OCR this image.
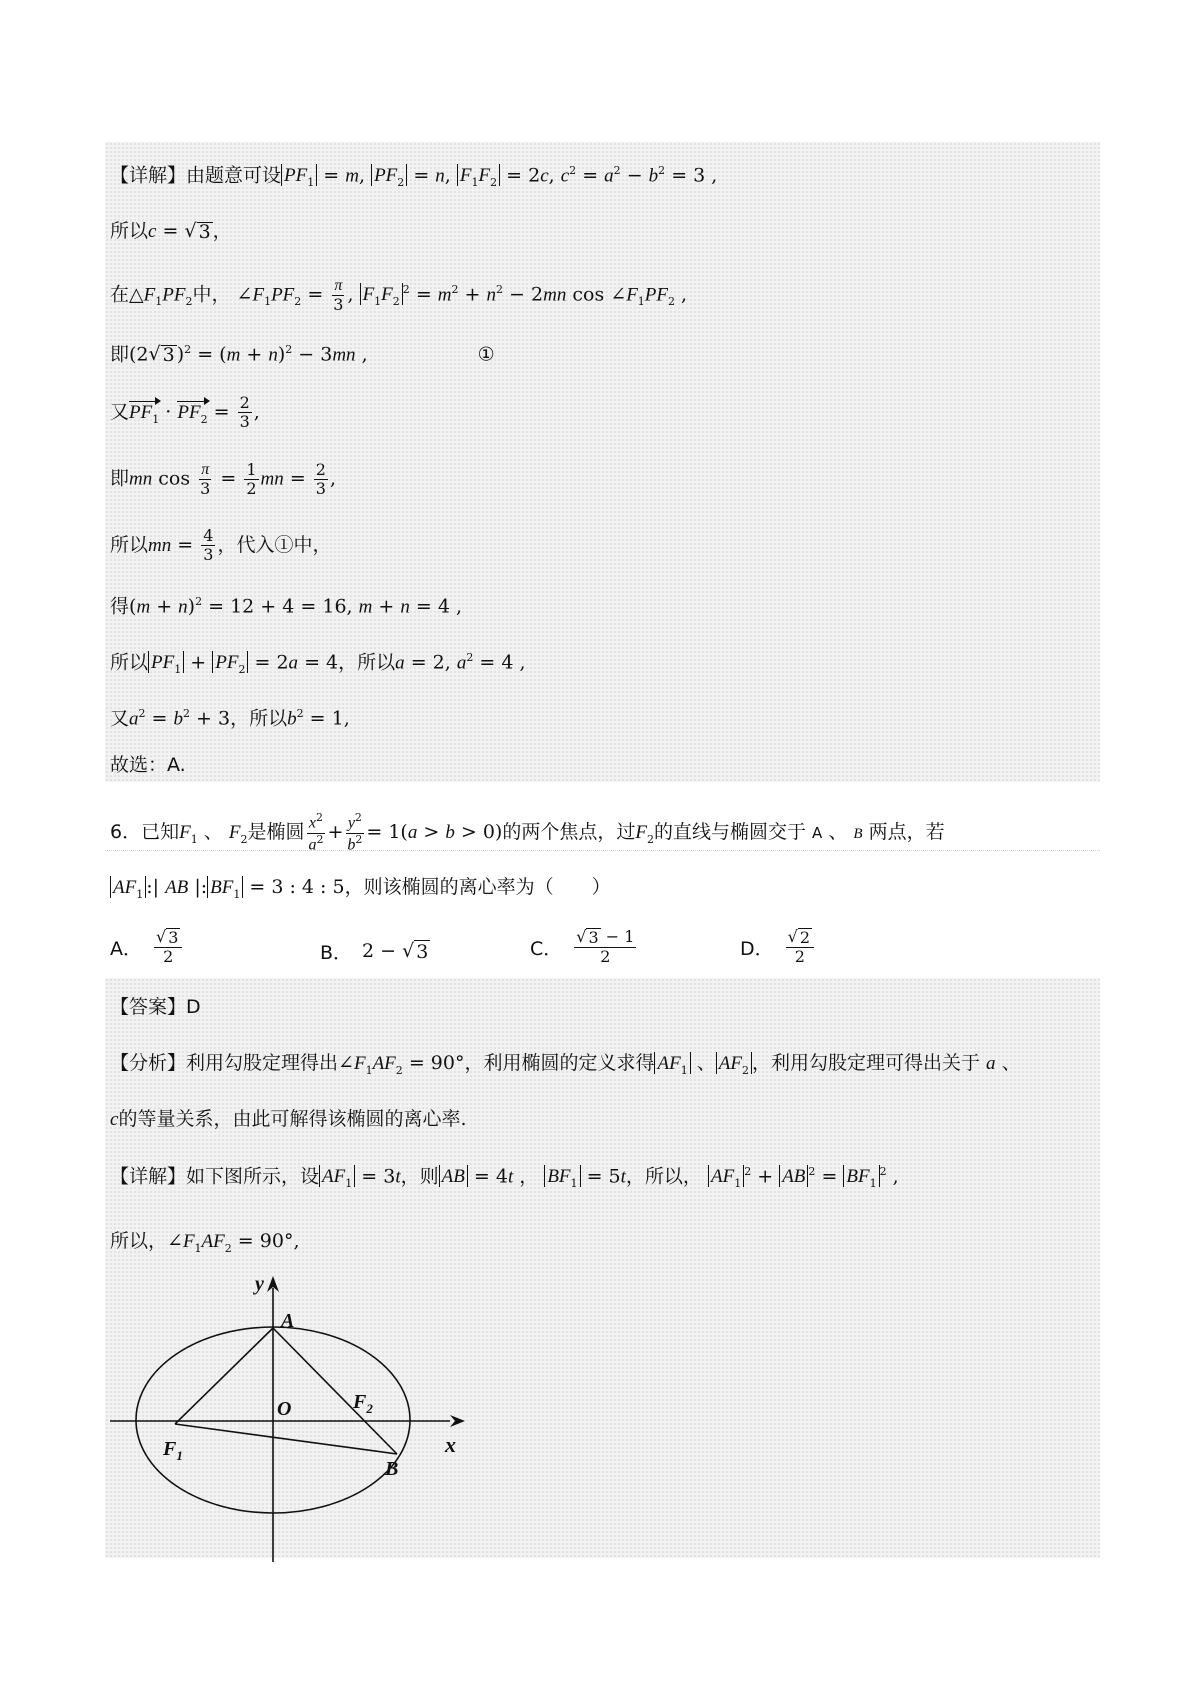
【详解】由题意可设 $PF_1 = m$, $PF_2 = n$, $F_1F_2 = 2c$, $c^2 = a^2 - b^2 = 3$ ,
所以c = √ 3 ，
在$\triangle F_1PF_2$中， $\angle F_1PF_2 = \frac{\pi}{3}$ , $F_1F_2^2 = m^2 + n^2 - 2mn$ $\cos \angle F_1PF_2$ ,
即(2√ 3 )$^2 = (m + n)^2 - 3mn$ ,	①
又$PF_1 \cdot PF_2 = \frac{2}{3}$ ,
即mn $\cos \frac{\pi}{3} = \frac{1}{2}$ mn = $\frac{2}{3}$ ,
所以mn = $\frac{4}{3}$ ，代入①中，
得$(m + n)^2 = 12 + 4 = 16$, m + n = 4 ,
所以 $PF_1 + PF_2 = 2a = 4$，所以a = 2, $a^2 = 4$ ,
又$a^2 = b^2 + 3$，所以$b^2 = 1$,
故选：A.
6．已知$F_1$ 、 $F_2$是椭圆 $\frac{x^2}{a^2} + \frac{y^2}{b^2} = 1(a > b > 0)$的两个焦点，过$F_2$的直线与椭圆交于 A 、 B 两点，若
$AF_1$ :| AB |: $BF_1 = 3$ : 4 : 5，则该椭圆的离心率为（　　）
A． $\frac{√ 3}{2}$	B． 2 − √ 3	C． $\frac{√ 3 - 1}{2}$	D． $\frac{√ 2}{2}$
【答案】D
【分析】利用勾股定理得出$\angle F_1AF_2 = 90^\circ$，利用椭圆的定义求得 $AF_1$ 、 $AF_2$ ，利用勾股定理可得出关于 a 、
c的等量关系，由此可解得该椭圆的离心率.
【详解】如下图所示，设 $AF_1 = 3t$，则 AB = 4t ， $BF_1 = 5t$，所以， $AF_1^2$ + AB $^2 = BF_1^2$ ,
所以，$\angle F_1AF_2 = 90^\circ$,
y
x
A
O
$F_1$
$F_2$
B
